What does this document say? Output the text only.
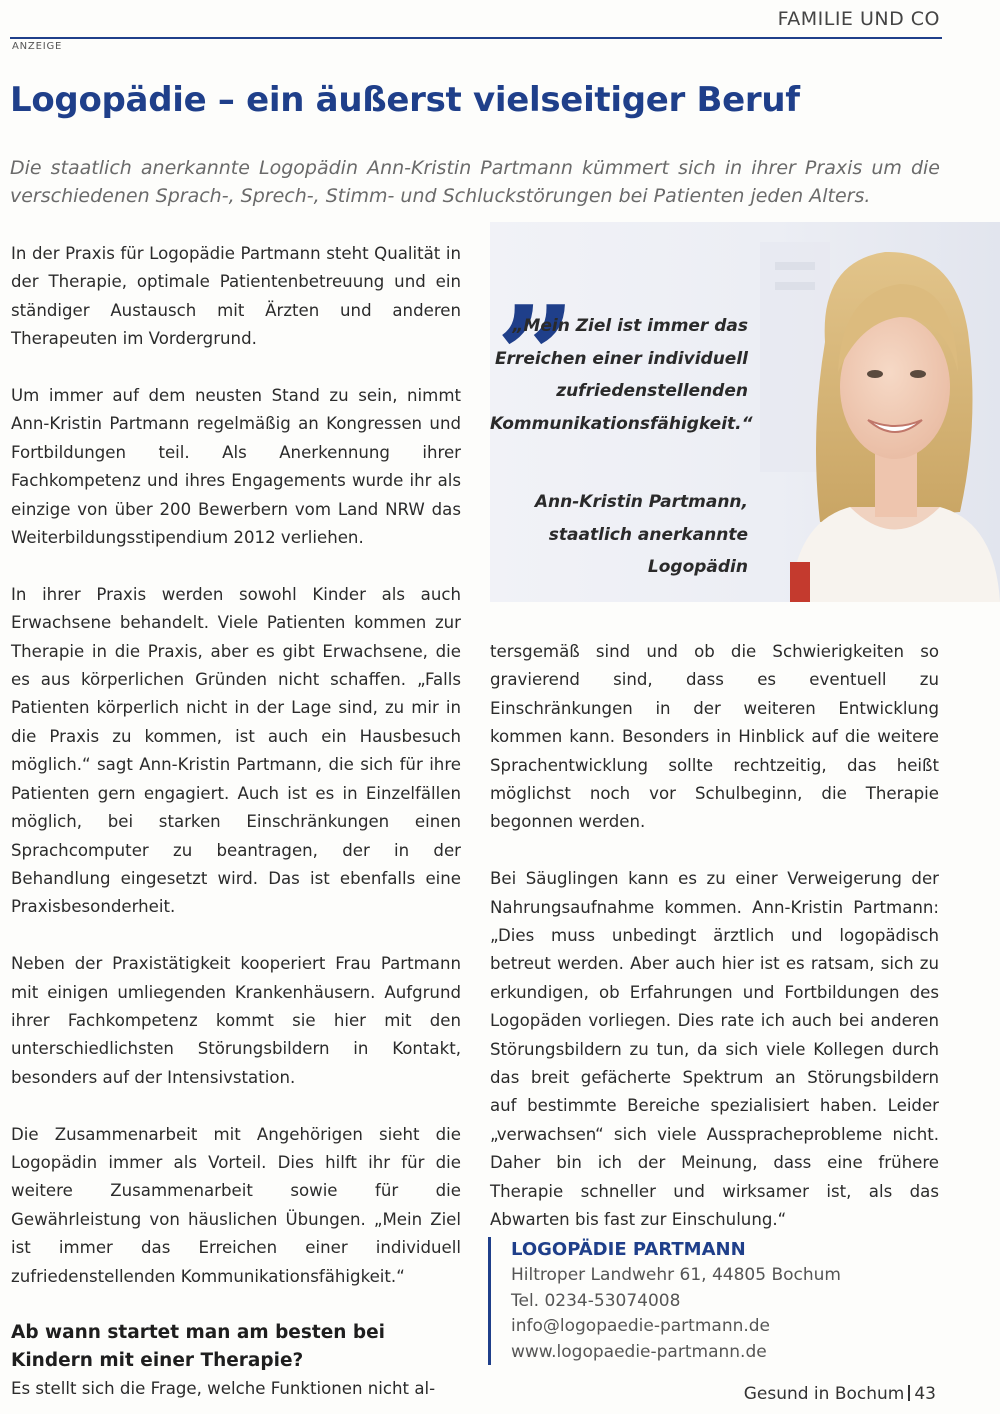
FAMILIE UND CO
ANZEIGE
Logopädie – ein äußerst vielseitiger Beruf

Die staatlich anerkannte Logopädin Ann-Kristin Partmann kümmert sich in ihrer Praxis um die verschiedenen Sprach-, Sprech-, Stimm- und Schluckstörungen bei Patienten jeden Alters.

In der Praxis für Logopädie Partmann steht Qualität in der Therapie, optimale Patientenbetreuung und ein ständiger Austausch mit Ärzten und anderen Therapeuten im Vordergrund.

Um immer auf dem neusten Stand zu sein, nimmt Ann-Kristin Partmann regelmäßig an Kongressen und Fortbildungen teil. Als Anerkennung ihrer Fachkompetenz und ihres Engagements wurde ihr als einzige von über 200 Bewerbern vom Land NRW das Weiterbildungsstipendium 2012 verliehen.

In ihrer Praxis werden sowohl Kinder als auch Erwachsene behandelt. Viele Patienten kommen zur Therapie in die Praxis, aber es gibt Erwachsene, die es aus körperlichen Gründen nicht schaffen. „Falls Patienten körperlich nicht in der Lage sind, zu mir in die Praxis zu kommen, ist auch ein Hausbesuch möglich.“ sagt Ann-Kristin Partmann, die sich für ihre Patienten gern engagiert. Auch ist es in Einzelfällen möglich, bei starken Einschränkungen einen Sprachcomputer zu beantragen, der in der Behandlung eingesetzt wird. Das ist ebenfalls eine Praxisbesonderheit.

Neben der Praxistätigkeit kooperiert Frau Partmann mit einigen umliegenden Krankenhäusern. Aufgrund ihrer Fachkompetenz kommt sie hier mit den unterschiedlichsten Störungsbildern in Kontakt, besonders auf der Intensivstation.

Die Zusammenarbeit mit Angehörigen sieht die Logopädin immer als Vorteil. Dies hilft ihr für die weitere Zusammenarbeit sowie für die Gewährleistung von häuslichen Übungen. „Mein Ziel ist immer das Erreichen einer individuell zufriedenstellenden Kommunikationsfähigkeit.“

Ab wann startet man am besten bei Kindern mit einer Therapie?

Es stellt sich die Frage, welche Funktionen nicht al-

„

„Mein Ziel ist immer das Erreichen einer individuell zufriedenstellenden Kommunikationsfähigkeit.“

Ann-Kristin Partmann,
staatlich anerkannte Logopädin

tersgemäß sind und ob die Schwierigkeiten so gravierend sind, dass es eventuell zu Einschränkungen in der weiteren Entwicklung kommen kann. Besonders in Hinblick auf die weitere Sprachentwicklung sollte rechtzeitig, das heißt möglichst noch vor Schulbeginn, die Therapie begonnen werden.

Bei Säuglingen kann es zu einer Verweigerung der Nahrungsaufnahme kommen. Ann-Kristin Partmann: „Dies muss unbedingt ärztlich und logopädisch betreut werden. Aber auch hier ist es ratsam, sich zu erkundigen, ob Erfahrungen und Fortbildungen des Logopäden vorliegen. Dies rate ich auch bei anderen Störungsbildern zu tun, da sich viele Kollegen durch das breit gefächerte Spektrum an Störungsbildern auf bestimmte Bereiche spezialisiert haben. Leider „verwachsen“ sich viele Ausspracheprobleme nicht. Daher bin ich der Meinung, dass eine frühere Therapie schneller und wirksamer ist, als das Abwarten bis fast zur Einschulung.“

LOGOPÄDIE PARTMANN
Hiltroper Landwehr 61, 44805 Bochum
Tel. 0234-53074008
info@logopaedie-partmann.de
www.logopaedie-partmann.de
Gesund in Bochum 43
